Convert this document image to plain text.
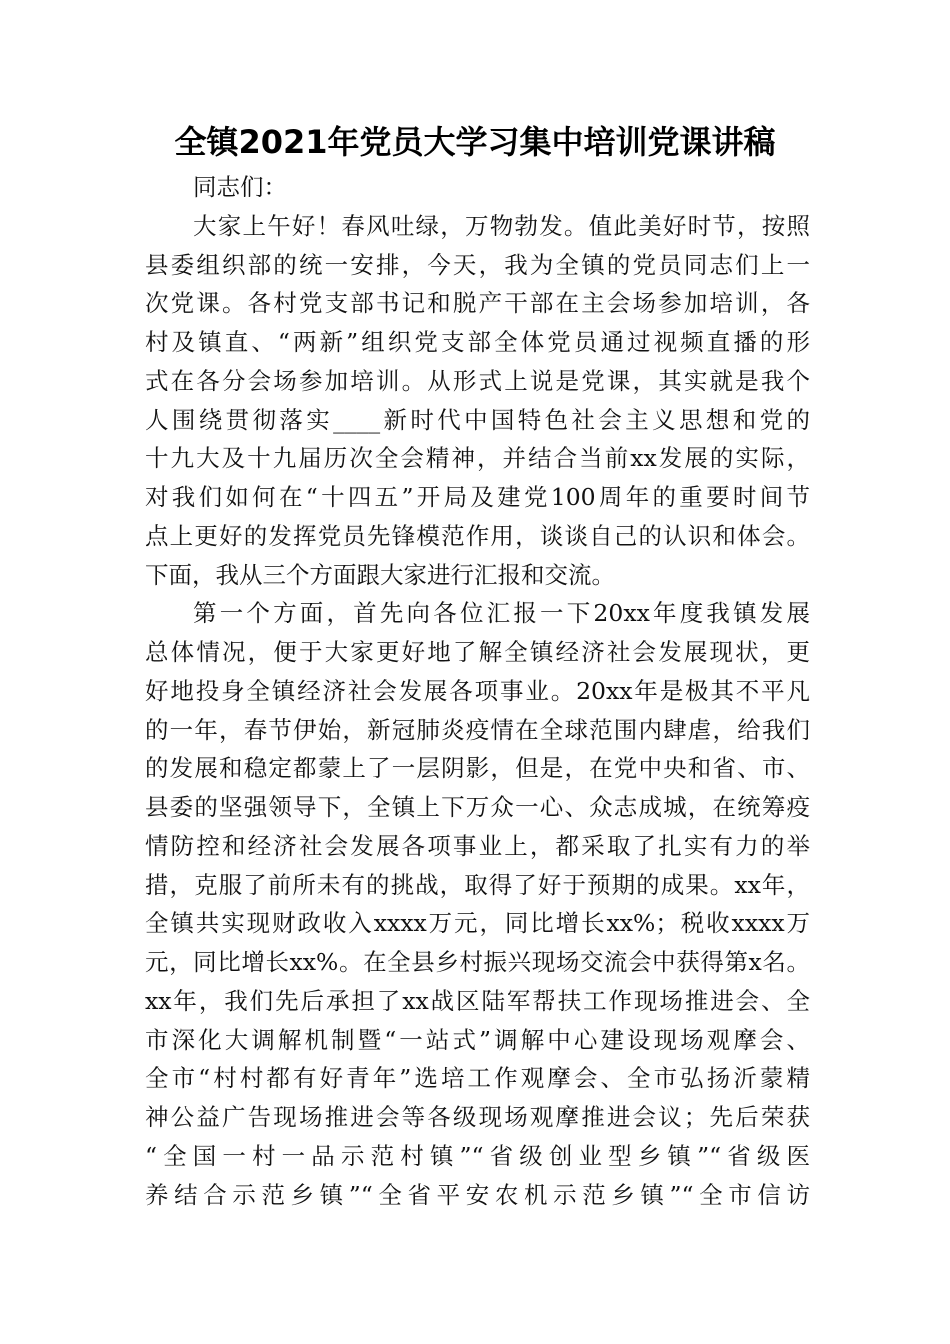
全镇2021年党员大学习集中培训党课讲稿
同志们：
大家上午好！春风吐绿，万物勃发。值此美好时节，按照
县委组织部的统一安排，今天，我为全镇的党员同志们上一
次党课。各村党支部书记和脱产干部在主会场参加培训，各
村及镇直、“两新”组织党支部全体党员通过视频直播的形
式在各分会场参加培训。从形式上说是党课，其实就是我个
人围绕贯彻落实____新时代中国特色社会主义思想和党的
十九大及十九届历次全会精神，并结合当前xx发展的实际，
对我们如何在“十四五”开局及建党100周年的重要时间节
点上更好的发挥党员先锋模范作用，谈谈自己的认识和体会。
下面，我从三个方面跟大家进行汇报和交流。
第一个方面，首先向各位汇报一下20xx年度我镇发展
总体情况，便于大家更好地了解全镇经济社会发展现状，更
好地投身全镇经济社会发展各项事业。20xx年是极其不平凡
的一年，春节伊始，新冠肺炎疫情在全球范围内肆虐，给我们
的发展和稳定都蒙上了一层阴影，但是，在党中央和省、市、
县委的坚强领导下，全镇上下万众一心、众志成城，在统筹疫
情防控和经济社会发展各项事业上，都采取了扎实有力的举
措，克服了前所未有的挑战，取得了好于预期的成果。xx年，
全镇共实现财政收入xxxx万元，同比增长xx%；税收xxxx万
元，同比增长xx%。在全县乡村振兴现场交流会中获得第x名。
xx年，我们先后承担了xx战区陆军帮扶工作现场推进会、全
市深化大调解机制暨“一站式”调解中心建设现场观摩会、
全市“村村都有好青年”选培工作观摩会、全市弘扬沂蒙精
神公益广告现场推进会等各级现场观摩推进会议；先后荣获
“全国一村一品示范村镇”“省级创业型乡镇”“省级医
养结合示范乡镇”“全省平安农机示范乡镇”“全市信访
